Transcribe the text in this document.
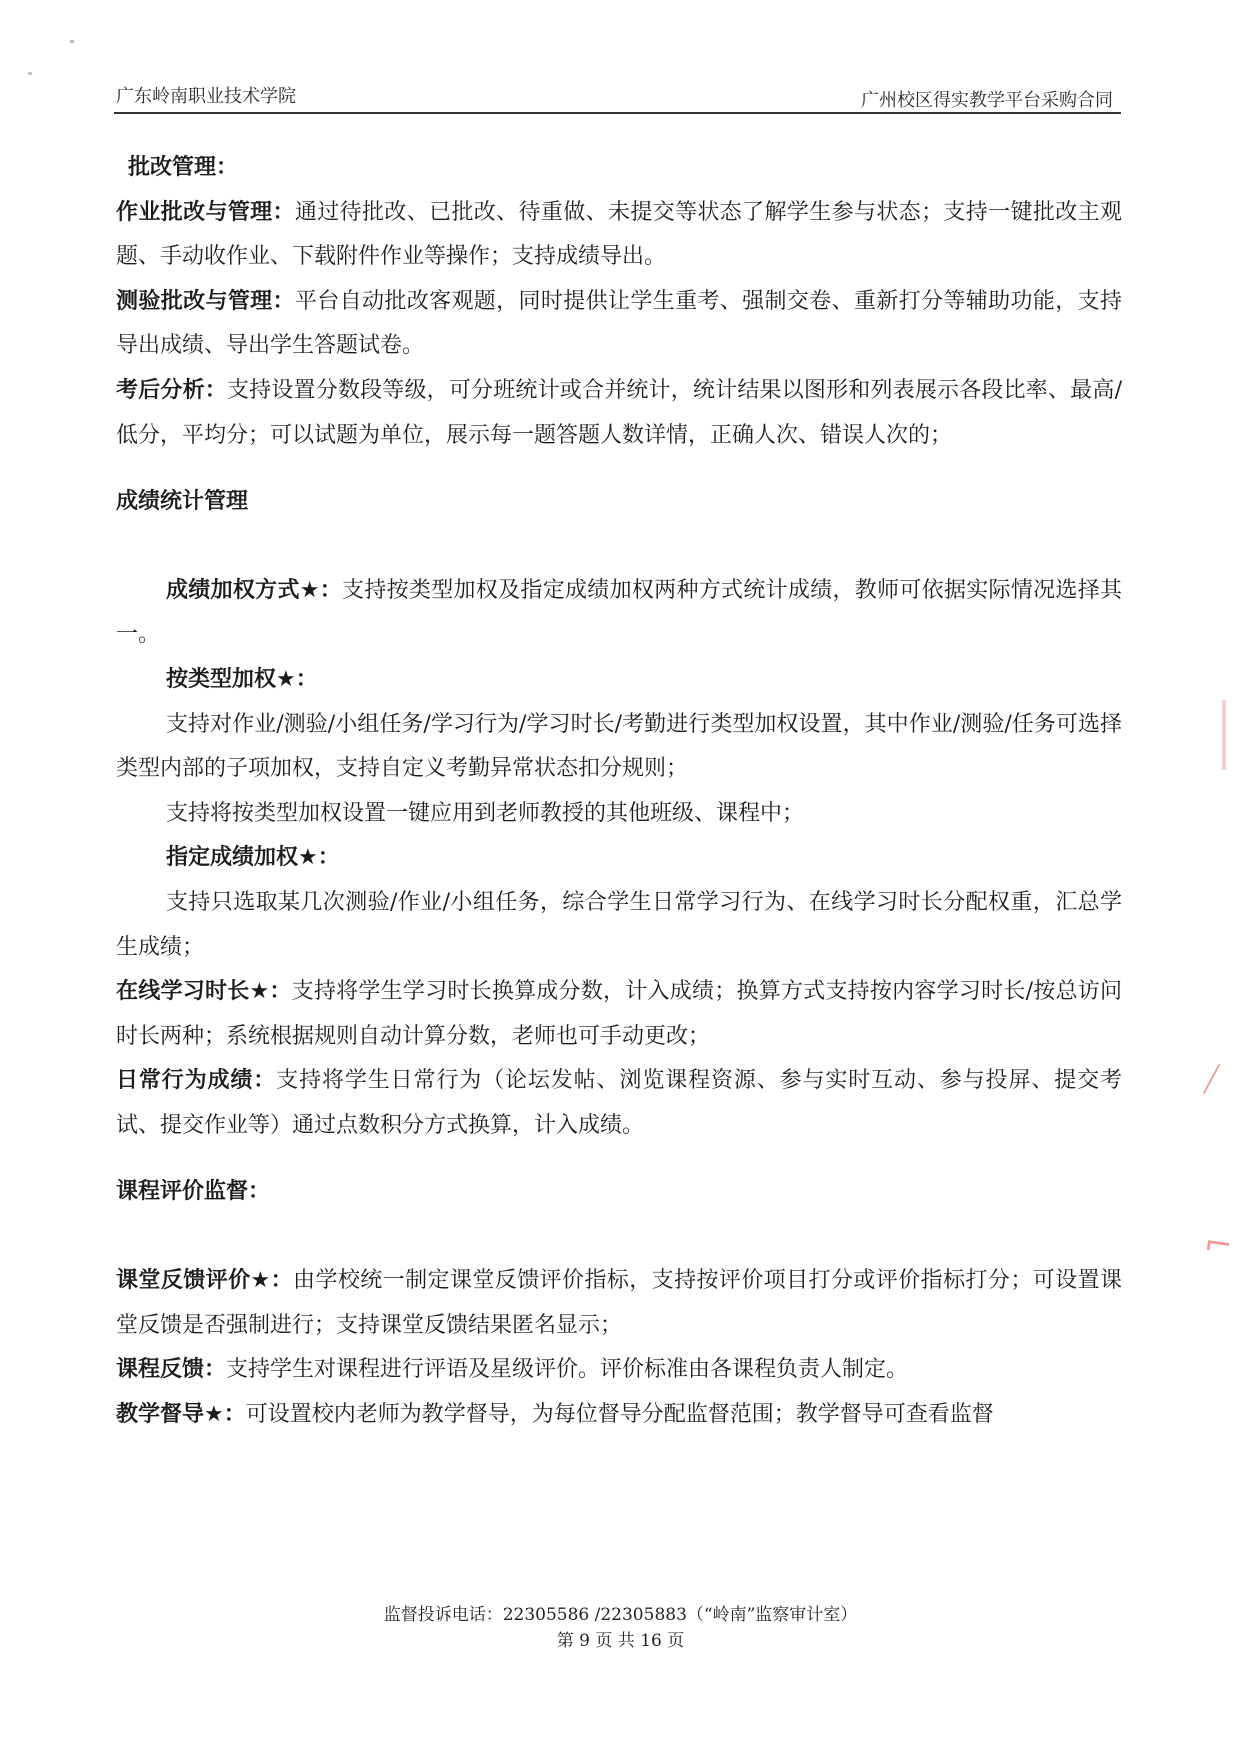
广东岭南职业技术学院	广州校区得实教学平台采购合同

批改管理：

作业批改与管理：通过待批改、已批改、待重做、未提交等状态了解学生参与状态；支持一键批改主观题、手动收作业、下载附件作业等操作；支持成绩导出。

测验批改与管理：平台自动批改客观题，同时提供让学生重考、强制交卷、重新打分等辅助功能，支持导出成绩、导出学生答题试卷。

考后分析：支持设置分数段等级，可分班统计或合并统计，统计结果以图形和列表展示各段比率、最高/低分，平均分；可以试题为单位，展示每一题答题人数详情，正确人次、错误人次的；

成绩统计管理

成绩加权方式★：支持按类型加权及指定成绩加权两种方式统计成绩，教师可依据实际情况选择其一。

按类型加权★：

支持对作业/测验/小组任务/学习行为/学习时长/考勤进行类型加权设置，其中作业/测验/任务可选择类型内部的子项加权，支持自定义考勤异常状态扣分规则；

支持将按类型加权设置一键应用到老师教授的其他班级、课程中；

指定成绩加权★：

支持只选取某几次测验/作业/小组任务，综合学生日常学习行为、在线学习时长分配权重，汇总学生成绩；

在线学习时长★：支持将学生学习时长换算成分数，计入成绩；换算方式支持按内容学习时长/按总访问时长两种；系统根据规则自动计算分数，老师也可手动更改；

日常行为成绩：支持将学生日常行为（论坛发帖、浏览课程资源、参与实时互动、参与投屏、提交考试、提交作业等）通过点数积分方式换算，计入成绩。

课程评价监督：

课堂反馈评价★：由学校统一制定课堂反馈评价指标，支持按评价项目打分或评价指标打分；可设置课堂反馈是否强制进行；支持课堂反馈结果匿名显示；

课程反馈：支持学生对课程进行评语及星级评价。评价标准由各课程负责人制定。

教学督导★：可设置校内老师为教学督导，为每位督导分配监督范围；教学督导可查看监督

监督投诉电话：22305586 /22305883（“岭南”监察审计室）
第 9 页 共 16 页
⟋
⌐
